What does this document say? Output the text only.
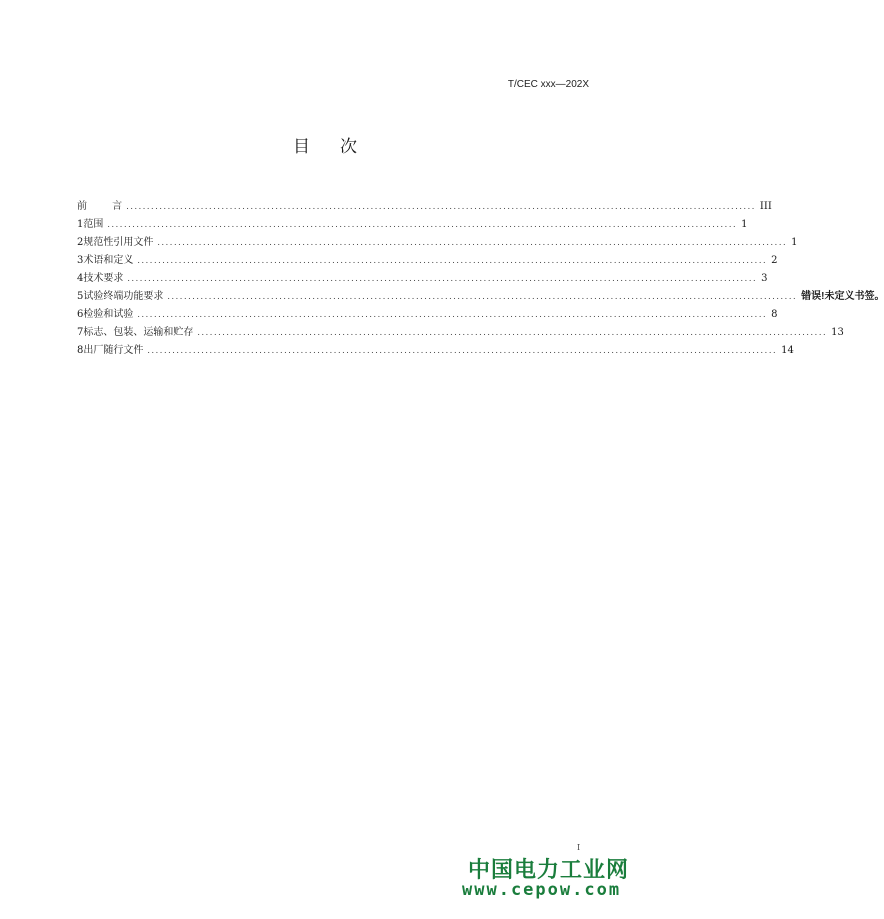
T/CEC xxx—202X
目 次
前 言 ........................................................................................................................................................ III
1 范围 ........................................................................................................................................................ 1
2 规范性引用文件 ........................................................................................................................................................ 1
3 术语和定义 ........................................................................................................................................................ 2
4 技术要求 ........................................................................................................................................................ 3
5 试验终端功能要求 ........................................................................................................................................................ 错误!未定义书签。
6 检验和试验 ........................................................................................................................................................ 8
7 标志、包装、运输和贮存 ........................................................................................................................................................ 13
8 出厂随行文件 ........................................................................................................................................................ 14
I
中国电力工业网
www.cepow.com
